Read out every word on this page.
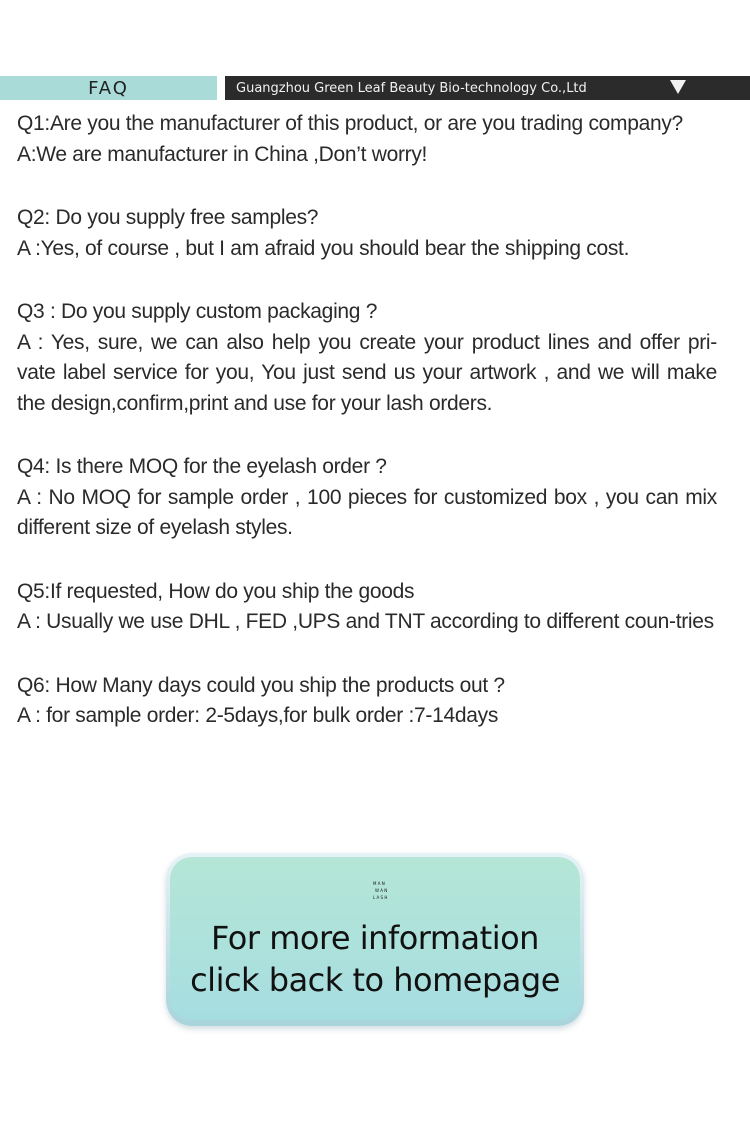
FAQ	Guangzhou Green Leaf Beauty Bio-technology Co.,Ltd

Q1:Are you the manufacturer of this product, or are you trading company?

A:We are manufacturer in China ,Don’t worry!

Q2: Do you supply free samples?

A :Yes, of course , but I am afraid you should bear the shipping cost.

Q3 : Do you supply custom packaging ?

A : Yes, sure, we can also help you create your product lines and offer pri-vate label service for you, You just send us your artwork , and we will make the design,confirm,print and use for your lash orders.

Q4: Is there MOQ for the eyelash order ?

A : No MOQ for sample order , 100 pieces for customized box , you can mix different size of eyelash styles.

Q5:If requested, How do you ship the goods

A : Usually we use DHL , FED ,UPS and TNT according to different coun-tries

Q6: How Many days could you ship the products out ?

A : for sample order: 2-5days,for bulk order :7-14days

M A N
W A N
L A S H
For more information
click back to homepage
